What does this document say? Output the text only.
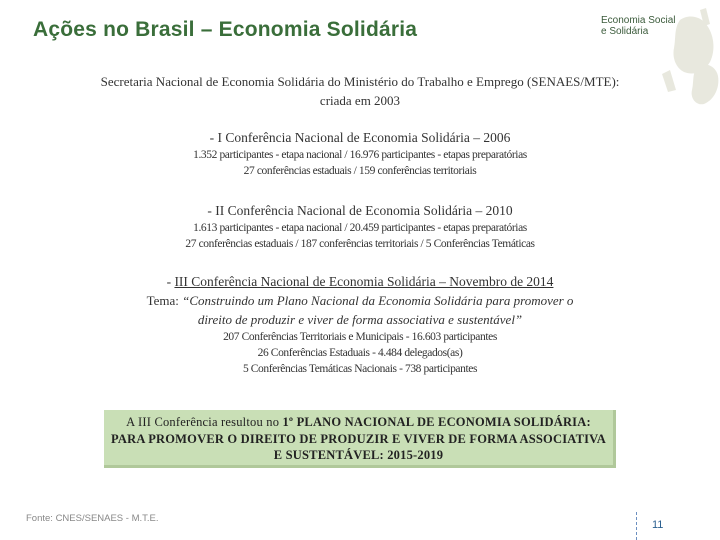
Ações no Brasil – Economia Solidária	Economia Social
e Solidária
Secretaria Nacional de Economia Solidária do Ministério do Trabalho e Emprego (SENAES/MTE):
criada em 2003
- I Conferência Nacional de Economia Solidária – 2006
1.352 participantes - etapa nacional / 16.976 participantes - etapas preparatórias
27 conferências estaduais / 159 conferências territoriais
- II Conferência Nacional de Economia Solidária – 2010
1.613 participantes - etapa nacional / 20.459 participantes - etapas preparatórias
27 conferências estaduais / 187 conferências territoriais / 5 Conferências Temáticas
- III Conferência Nacional de Economia Solidária – Novembro de 2014
Tema: “Construindo um Plano Nacional da Economia Solidária para promover o
direito de produzir e viver de forma associativa e sustentável”
207 Conferências Territoriais e Municipais - 16.603 participantes
26 Conferências Estaduais - 4.484 delegados(as)
5 Conferências Temáticas Nacionais - 738 participantes
A III Conferência resultou no 1º PLANO NACIONAL DE ECONOMIA SOLIDÁRIA:
PARA PROMOVER O DIREITO DE PRODUZIR E VIVER DE FORMA ASSOCIATIVA
E SUSTENTÁVEL: 2015-2019
Fonte: CNES/SENAES - M.T.E.
11
